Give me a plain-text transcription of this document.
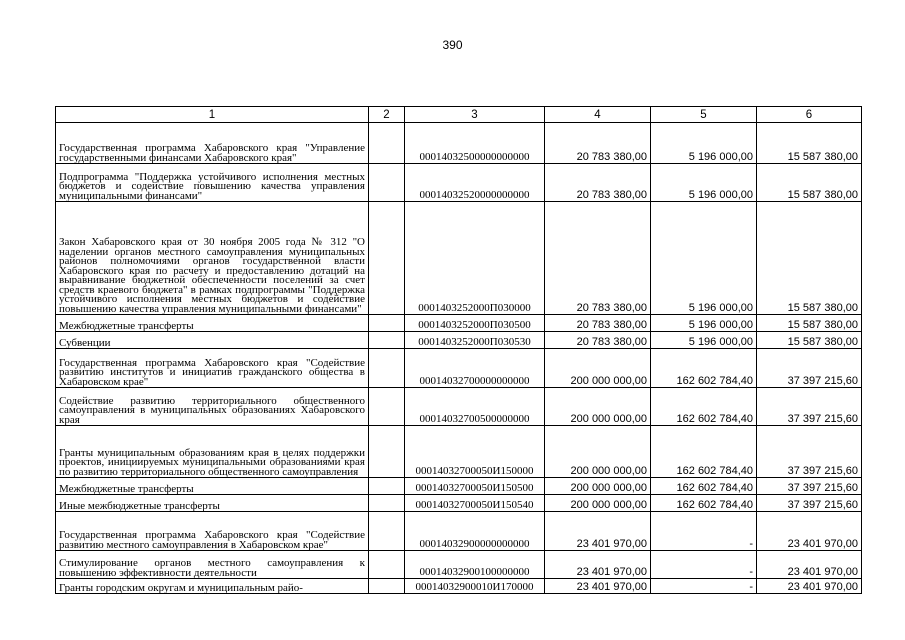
390
1	2	3	4	5	6
Государственная программа Хабаровского края "Управление государственными финансами Хабаровского края"		00014032500000000000	20 783 380,00	5 196 000,00	15 587 380,00
Подпрограмма "Поддержка устойчивого исполнения местных бюджетов и содействие повышению качества управления муниципальными финансами"		00014032520000000000	20 783 380,00	5 196 000,00	15 587 380,00
Закон Хабаровского края от 30 ноября 2005 года № 312 "О наделении органов местного самоуправления муниципальных районов полномочиями органов государственной власти Хабаровского края по расчету и предоставлению дотаций на выравнивание бюджетной обеспеченности поселений за счет средств краевого бюджета" в рамках подпрограммы "Поддержка устойчивого исполнения местных бюджетов и содействие повышению качества управления муниципальными финансами"		0001403252000П030000	20 783 380,00	5 196 000,00	15 587 380,00
Межбюджетные трансферты		0001403252000П030500	20 783 380,00	5 196 000,00	15 587 380,00
Субвенции		0001403252000П030530	20 783 380,00	5 196 000,00	15 587 380,00
Государственная программа Хабаровского края "Содействие развитию институтов и инициатив гражданского общества в Хабаровском крае"		00014032700000000000	200 000 000,00	162 602 784,40	37 397 215,60
Содействие развитию территориального общественного самоуправления в муниципальных образованиях Хабаровского края		00014032700500000000	200 000 000,00	162 602 784,40	37 397 215,60
Гранты муниципальным образованиям края в целях поддержки проектов, инициируемых муниципальными образованиями края по развитию территориального общественного самоуправления		00014032700050И150000	200 000 000,00	162 602 784,40	37 397 215,60
Межбюджетные трансферты		00014032700050И150500	200 000 000,00	162 602 784,40	37 397 215,60
Иные межбюджетные трансферты		00014032700050И150540	200 000 000,00	162 602 784,40	37 397 215,60
Государственная программа Хабаровского края "Содействие развитию местного самоуправления в Хабаровском крае"		00014032900000000000	23 401 970,00	-	23 401 970,00
Стимулирование органов местного самоуправления к повышению эффективности деятельности		00014032900100000000	23 401 970,00	-	23 401 970,00
Гранты городским округам и муниципальным райо-		00014032900010И170000	23 401 970,00	-	23 401 970,00
